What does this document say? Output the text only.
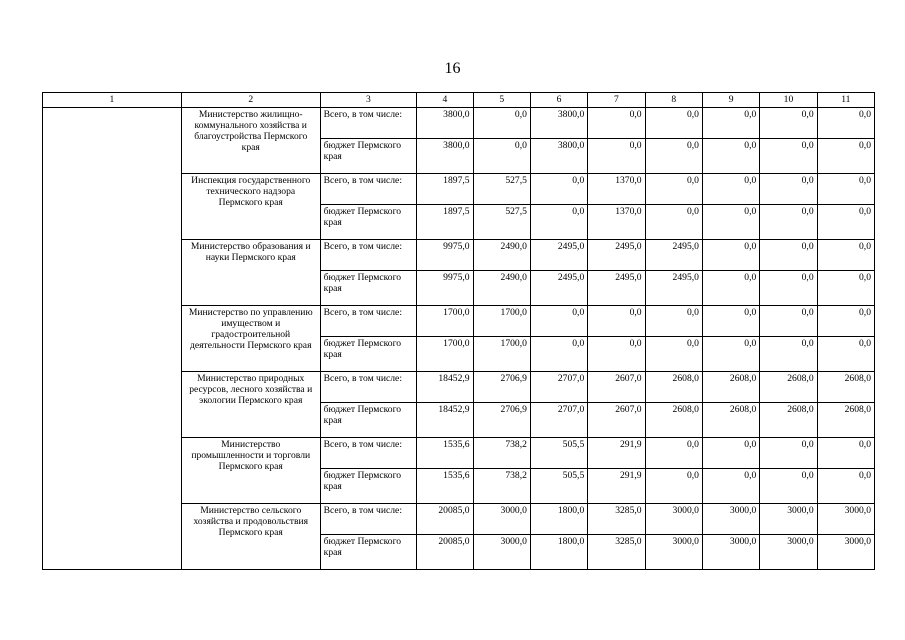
16
1	2	3	4	5	6	7	8	9	10	11
	Министерство жилищно-коммунального хозяйства и благоустройства Пермского края	Всего, в том числе:	3800,0	0,0	3800,0	0,0	0,0	0,0	0,0	0,0
		бюджет Пермского края	3800,0	0,0	3800,0	0,0	0,0	0,0	0,0	0,0
	Инспекция государственного технического надзора Пермского края	Всего, в том числе:	1897,5	527,5	0,0	1370,0	0,0	0,0	0,0	0,0
		бюджет Пермского края	1897,5	527,5	0,0	1370,0	0,0	0,0	0,0	0,0
	Министерство образования и науки Пермского края	Всего, в том числе:	9975,0	2490,0	2495,0	2495,0	2495,0	0,0	0,0	0,0
		бюджет Пермского края	9975,0	2490,0	2495,0	2495,0	2495,0	0,0	0,0	0,0
	Министерство по управлению имуществом и градостроительной деятельности Пермского края	Всего, в том числе:	1700,0	1700,0	0,0	0,0	0,0	0,0	0,0	0,0
		бюджет Пермского края	1700,0	1700,0	0,0	0,0	0,0	0,0	0,0	0,0
	Министерство природных ресурсов, лесного хозяйства и экологии Пермского края	Всего, в том числе:	18452,9	2706,9	2707,0	2607,0	2608,0	2608,0	2608,0	2608,0
		бюджет Пермского края	18452,9	2706,9	2707,0	2607,0	2608,0	2608,0	2608,0	2608,0
	Министерство промышленности и торговли Пермского края	Всего, в том числе:	1535,6	738,2	505,5	291,9	0,0	0,0	0,0	0,0
		бюджет Пермского края	1535,6	738,2	505,5	291,9	0,0	0,0	0,0	0,0
	Министерство сельского хозяйства и продовольствия Пермского края	Всего, в том числе:	20085,0	3000,0	1800,0	3285,0	3000,0	3000,0	3000,0	3000,0
		бюджет Пермского края	20085,0	3000,0	1800,0	3285,0	3000,0	3000,0	3000,0	3000,0
